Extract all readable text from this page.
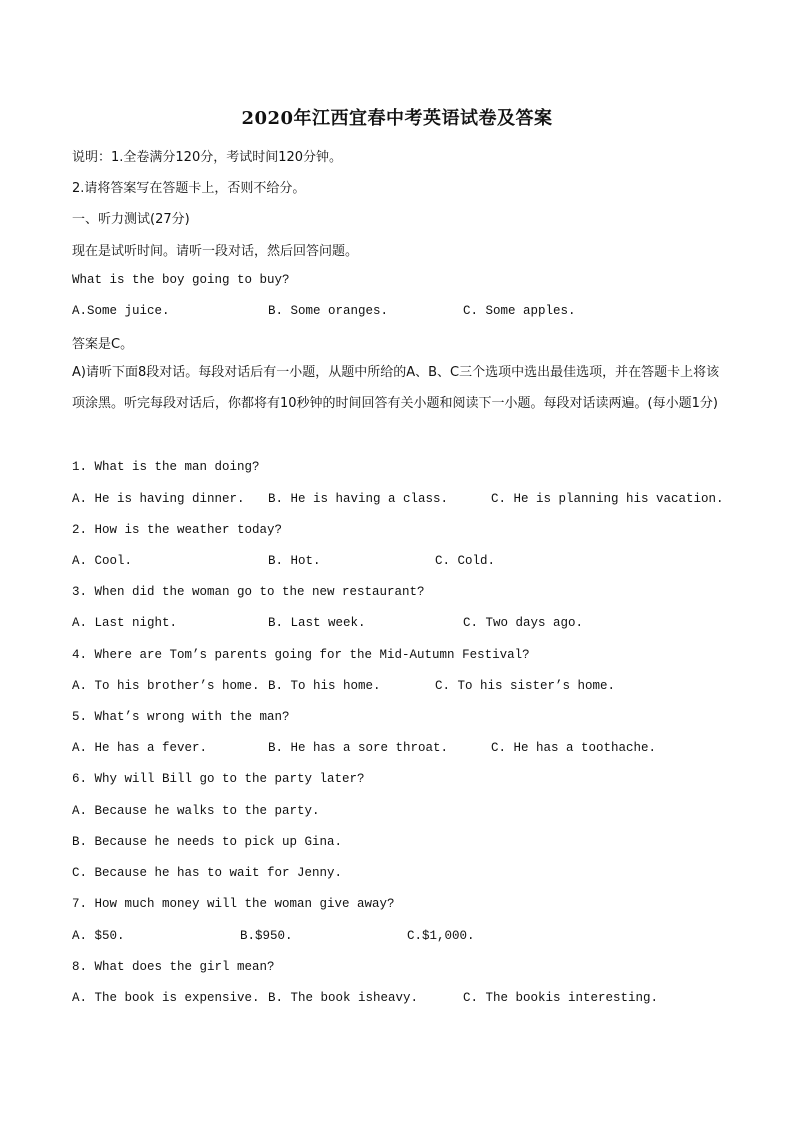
2020年江西宜春中考英语试卷及答案
说明：1.全卷满分120分，考试时间120分钟。
2.请将答案写在答题卡上，否则不给分。
一、听力测试(27分)
现在是试听时间。请听一段对话，然后回答问题。
What is the boy going to buy?
A.Some juice.	B. Some oranges.	C. Some apples.
答案是C。
A)请听下面8段对话。每段对话后有一小题，从题中所给的A、B、C三个选项中选出最佳选项，并在答题卡上将该项涂黑。听完每段对话后，你都将有10秒钟的时间回答有关小题和阅读下一小题。每段对话读两遍。(每小题1分)
1. What is the man doing?
A. He is having dinner. B. He is having a class.	C. He is planning his vacation.
2. How is the weather today?
A. Cool.	B. Hot.	C. Cold.
3. When did the woman go to the new restaurant?
A. Last night.	B. Last week.	C. Two days ago.
4. Where are Tom’s parents going for the Mid-Autumn Festival?
A. To his brother’s home. B. To his home.	C. To his sister’s home.
5. What’s wrong with the man?
A. He has a fever.	B. He has a sore throat.	C. He has a toothache.
6. Why will Bill go to the party later?
A. Because he walks to the party.
B. Because he needs to pick up Gina.
C. Because he has to wait for Jenny.
7. How much money will the woman give away?
A. $50.	B.$950.	C.$1,000.
8. What does the girl mean?
A. The book is expensive. B. The book isheavy.	C. The bookis interesting.
